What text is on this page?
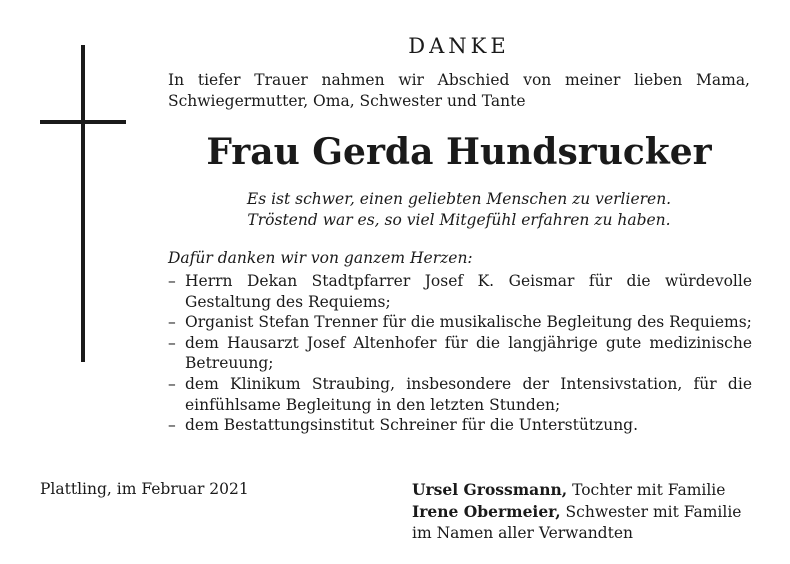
DANKE

In tiefer Trauer nahmen wir Abschied von meiner lieben Mama,

Schwiegermutter, Oma, Schwester und Tante

Frau Gerda Hundsrucker
Es ist schwer, einen geliebten Menschen zu verlieren.
Tröstend war es, so viel Mitgefühl erfahren zu haben.
Dafür danken wir von ganzem Herzen:
– Herrn Dekan Stadtpfarrer Josef K. Geismar für die würdevolle Gestaltung des Requiems;
– Organist Stefan Trenner für die musikalische Begleitung des Requiems;
– dem Hausarzt Josef Altenhofer für die langjährige gute medizinische Betreuung;
– dem Klinikum Straubing, insbesondere der Intensivstation, für die einfühlsame Begleitung in den letzten Stunden;
– dem Bestattungsinstitut Schreiner für die Unterstützung.
Plattling, im Februar 2021	Ursel Grossmann, Tochter mit Familie
Irene Obermeier, Schwester mit Familie
im Namen aller Verwandten
